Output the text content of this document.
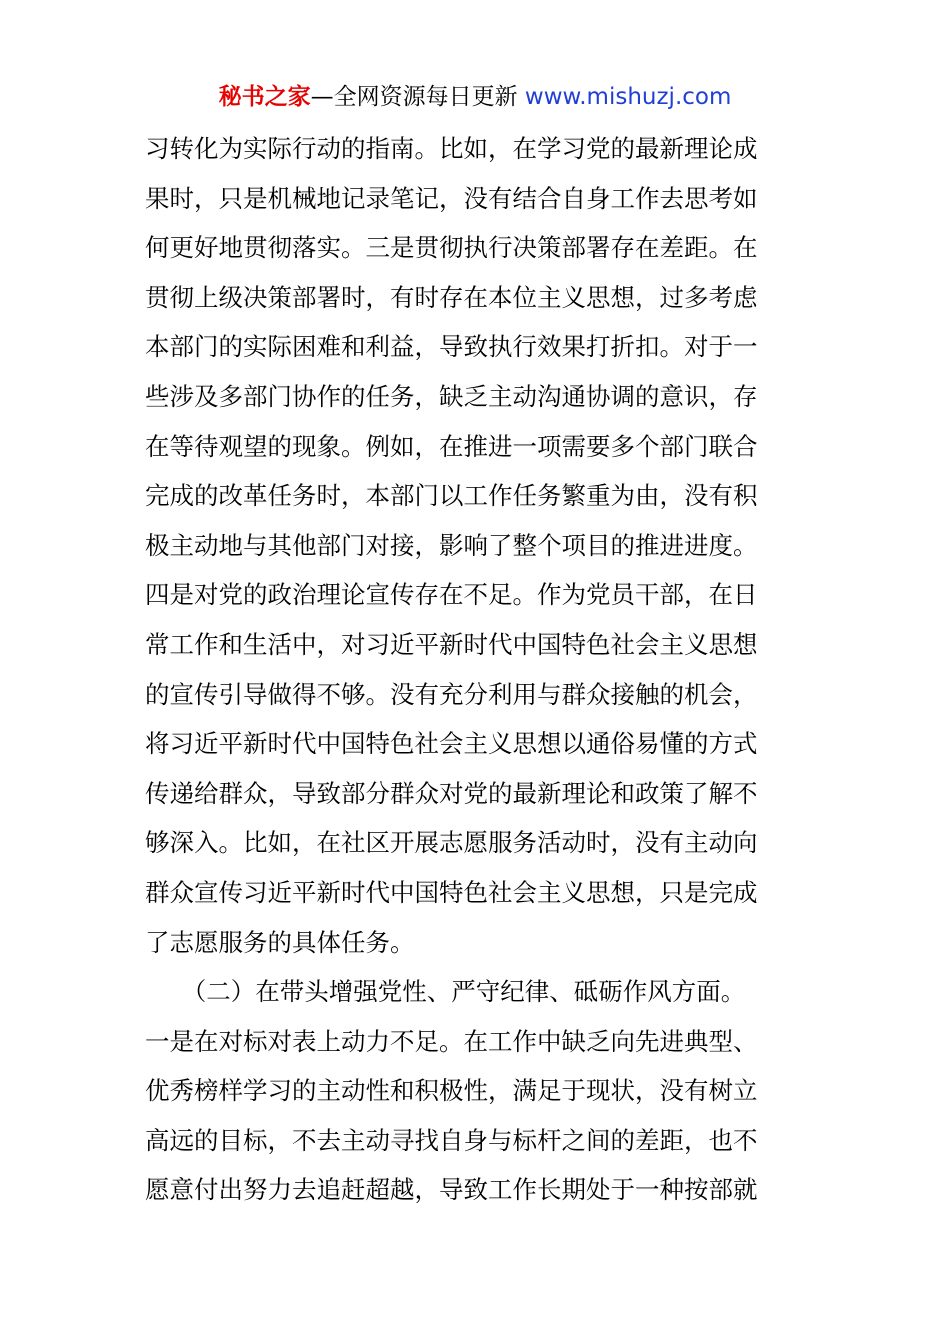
秘书之家—全网资源每日更新 www.mishuzj.com
习转化为实际行动的指南。比如，在学习党的最新理论成
果时，只是机械地记录笔记，没有结合自身工作去思考如
何更好地贯彻落实。三是贯彻执行决策部署存在差距。在
贯彻上级决策部署时，有时存在本位主义思想，过多考虑
本部门的实际困难和利益，导致执行效果打折扣。对于一
些涉及多部门协作的任务，缺乏主动沟通协调的意识，存
在等待观望的现象。例如，在推进一项需要多个部门联合
完成的改革任务时，本部门以工作任务繁重为由，没有积
极主动地与其他部门对接，影响了整个项目的推进进度。
四是对党的政治理论宣传存在不足。作为党员干部，在日
常工作和生活中，对习近平新时代中国特色社会主义思想
的宣传引导做得不够。没有充分利用与群众接触的机会，
将习近平新时代中国特色社会主义思想以通俗易懂的方式
传递给群众，导致部分群众对党的最新理论和政策了解不
够深入。比如，在社区开展志愿服务活动时，没有主动向
群众宣传习近平新时代中国特色社会主义思想，只是完成
了志愿服务的具体任务。
　　（二）在带头增强党性、严守纪律、砥砺作风方面。
一是在对标对表上动力不足。在工作中缺乏向先进典型、
优秀榜样学习的主动性和积极性，满足于现状，没有树立
高远的目标，不去主动寻找自身与标杆之间的差距，也不
愿意付出努力去追赶超越，导致工作长期处于一种按部就
